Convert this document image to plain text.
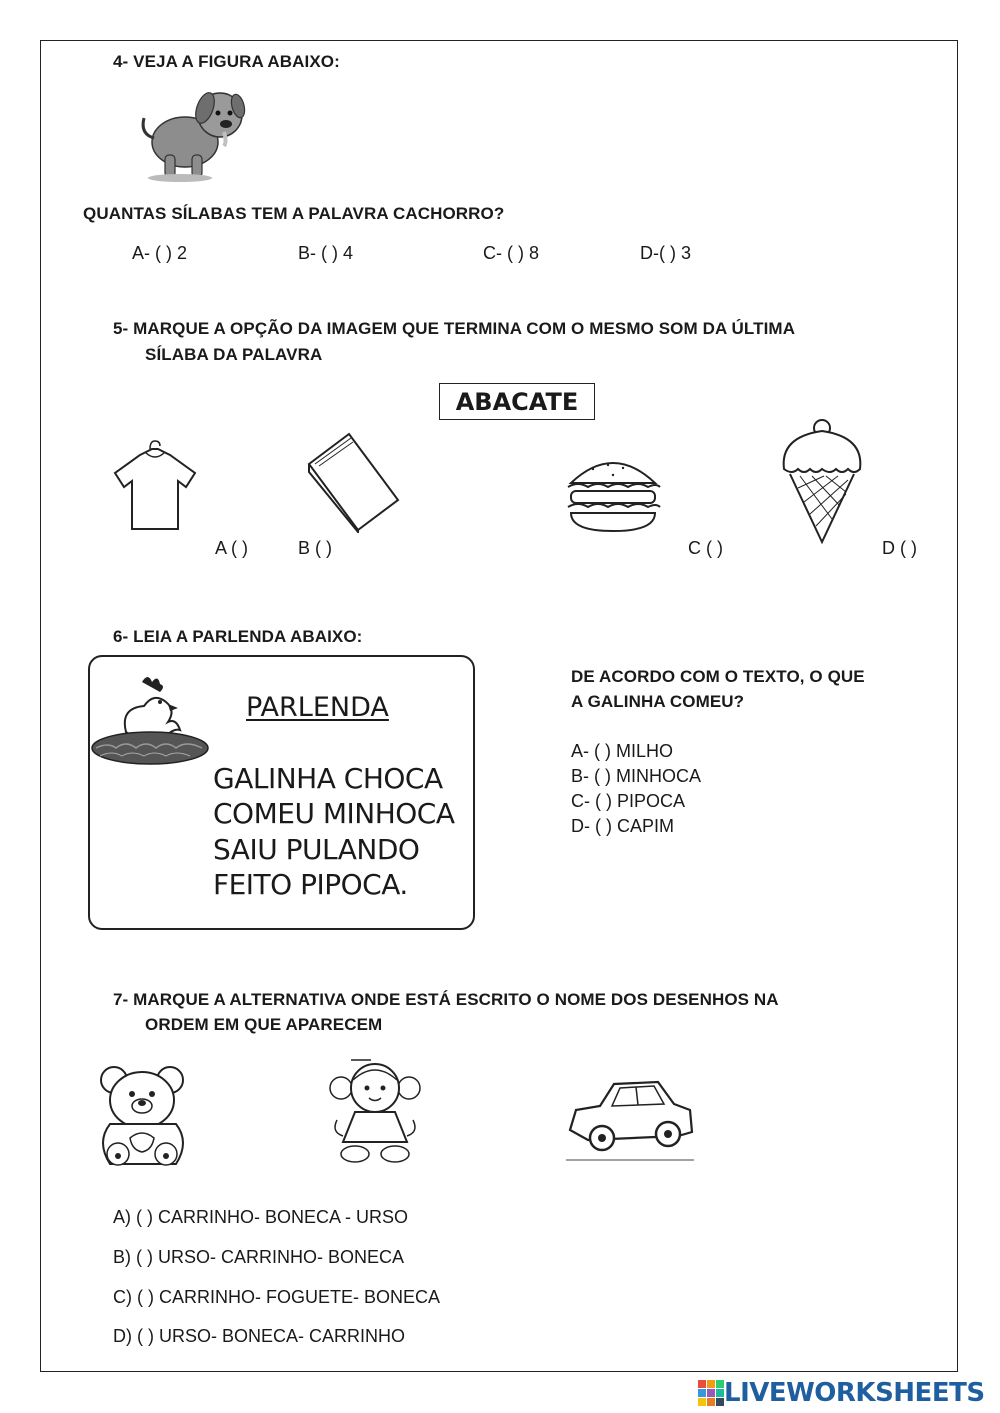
4- VEJA A FIGURA ABAIXO:
QUANTAS SÍLABAS TEM A PALAVRA CACHORRO?
A- ( ) 2	B- ( ) 4	C- ( ) 8	D-( ) 3
5- MARQUE A OPÇÃO DA IMAGEM QUE TERMINA COM O MESMO SOM DA ÚLTIMA
SÍLABA DA PALAVRA
ABACATE
A ( )	B ( )	C ( )	D ( )
6- LEIA A PARLENDA ABAIXO:
PARLENDA
GALINHA CHOCA
COMEU MINHOCA
SAIU PULANDO
FEITO PIPOCA.
DE ACORDO COM O TEXTO, O QUE
A GALINHA COMEU?
A- ( ) MILHO
B- ( ) MINHOCA
C- ( ) PIPOCA
D- ( ) CAPIM
7- MARQUE A ALTERNATIVA ONDE ESTÁ ESCRITO O NOME DOS DESENHOS NA
ORDEM EM QUE APARECEM
A) ( ) CARRINHO- BONECA - URSO
B) ( ) URSO- CARRINHO- BONECA
C) ( ) CARRINHO- FOGUETE- BONECA
D) ( ) URSO- BONECA- CARRINHO
LIVEWORKSHEETS
